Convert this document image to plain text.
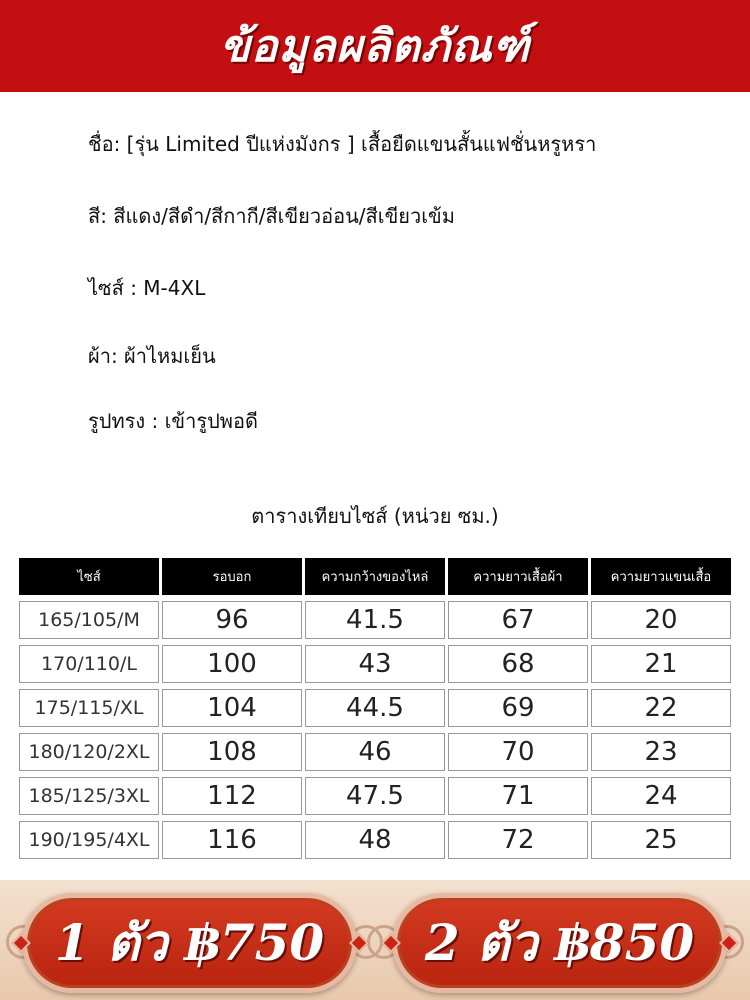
ข้อมูลผลิตภัณฑ์
ชื่อ: [รุ่น Limited ปีแห่งมังกร ] เสื้อยืดแขนสั้นแฟชั่นหรูหรา
สี: สีแดง/สีดำ/สีกากี/สีเขียวอ่อน/สีเขียวเข้ม
ไซส์ : M-4XL
ผ้า: ผ้าไหมเย็น
รูปทรง : เข้ารูปพอดี
ตารางเทียบไซส์ (หน่วย ซม.)
ไซส์	รอบอก	ความกว้างของไหล่	ความยาวเสื้อผ้า	ความยาวแขนเสื้อ
165/105/M	96	41.5	67	20
170/110/L	100	43	68	21
175/115/XL	104	44.5	69	22
180/120/2XL	108	46	70	23
185/125/3XL	112	47.5	71	24
190/195/4XL	116	48	72	25
1 ตัว ฿750 2 ตัว ฿850
